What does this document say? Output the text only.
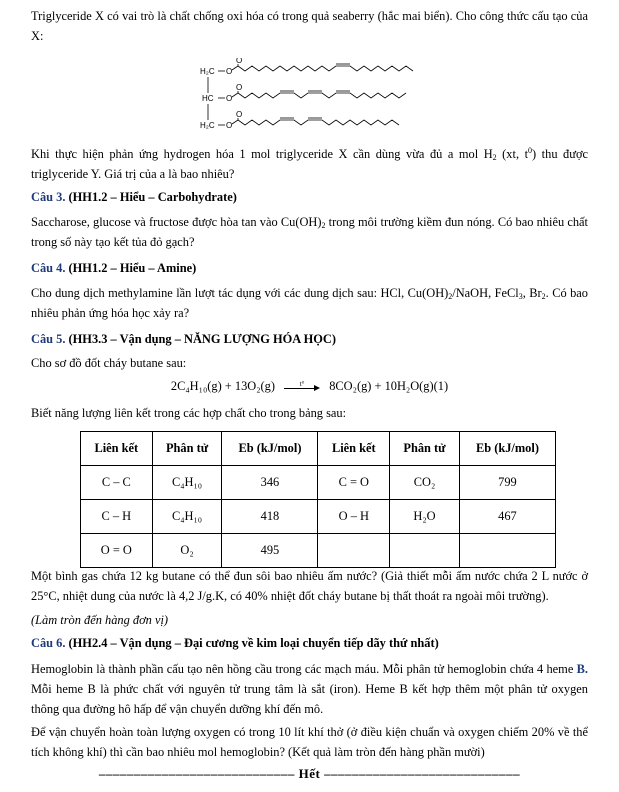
Triglyceride X có vai trò là chất chống oxi hóa có trong quả seaberry (hắc mai biển). Cho công thức cấu tạo của X:

H₂C
HC
H₂C
O
O
O
O
O
O

Khi thực hiện phản ứng hydrogen hóa 1 mol triglyceride X cần dùng vừa đủ a mol $H_2$ (xt, $t^0$) thu được triglyceride Y. Giá trị của a là bao nhiêu?

Câu 3. (HH1.2 – Hiểu – Carbohydrate)

Saccharose, glucose và fructose được hòa tan vào $Cu(OH)_2$ trong môi trường kiềm đun nóng. Có bao nhiêu chất trong số này tạo kết tủa đỏ gạch?

Câu 4. (HH1.2 – Hiểu – Amine)

Cho dung dịch methylamine lần lượt tác dụng với các dung dịch sau: HCl, $Cu(OH)_2$/NaOH, FeCl$_3$, $Br_2$. Có bao nhiêu phản ứng hóa học xảy ra?

Câu 5. (HH3.3 – Vận dụng – NĂNG LƯỢNG HÓA HỌC)

Cho sơ đồ đốt cháy butane sau:

2C₄H₁₀(g) + 13O₂(g)	t°	8CO₂(g) + 10H₂O(g)(1)

Biết năng lượng liên kết trong các hợp chất cho trong bảng sau:

Liên kết	Phân tử	Eb (kJ/mol)	Liên kết	Phân tử	Eb (kJ/mol)
C – C	C₄H₁₀	346	C = O	CO₂	799
C – H	C₄H₁₀	418	O – H	H₂O	467
O = O	O₂	495			

Một bình gas chứa 12 kg butane có thể đun sôi bao nhiêu ấm nước? (Giả thiết mỗi ấm nước chứa 2 L nước ở 25°C, nhiệt dung của nước là 4,2 J/g.K, có 40% nhiệt đốt cháy butane bị thất thoát ra ngoài môi trường).

(Làm tròn đến hàng đơn vị)

Câu 6. (HH2.4 – Vận dụng – Đại cương về kim loại chuyển tiếp dãy thứ nhất)

Hemoglobin là thành phần cấu tạo nên hồng cầu trong các mạch máu. Mỗi phân tử hemoglobin chứa 4 heme B. Mỗi heme B là phức chất với nguyên tử trung tâm là sắt (iron). Heme B kết hợp thêm một phân tử oxygen thông qua đường hô hấp để vận chuyển dưỡng khí đến mô.

Để vận chuyển hoàn toàn lượng oxygen có trong 10 lít khí thở (ở điều kiện chuẩn và oxygen chiếm 20% về thể tích không khí) thì cần bao nhiêu mol hemoglobin? (Kết quả làm tròn đến hàng phần mười)

–––––––––––––––––––––––––––– Hết ––––––––––––––––––––––––––––
